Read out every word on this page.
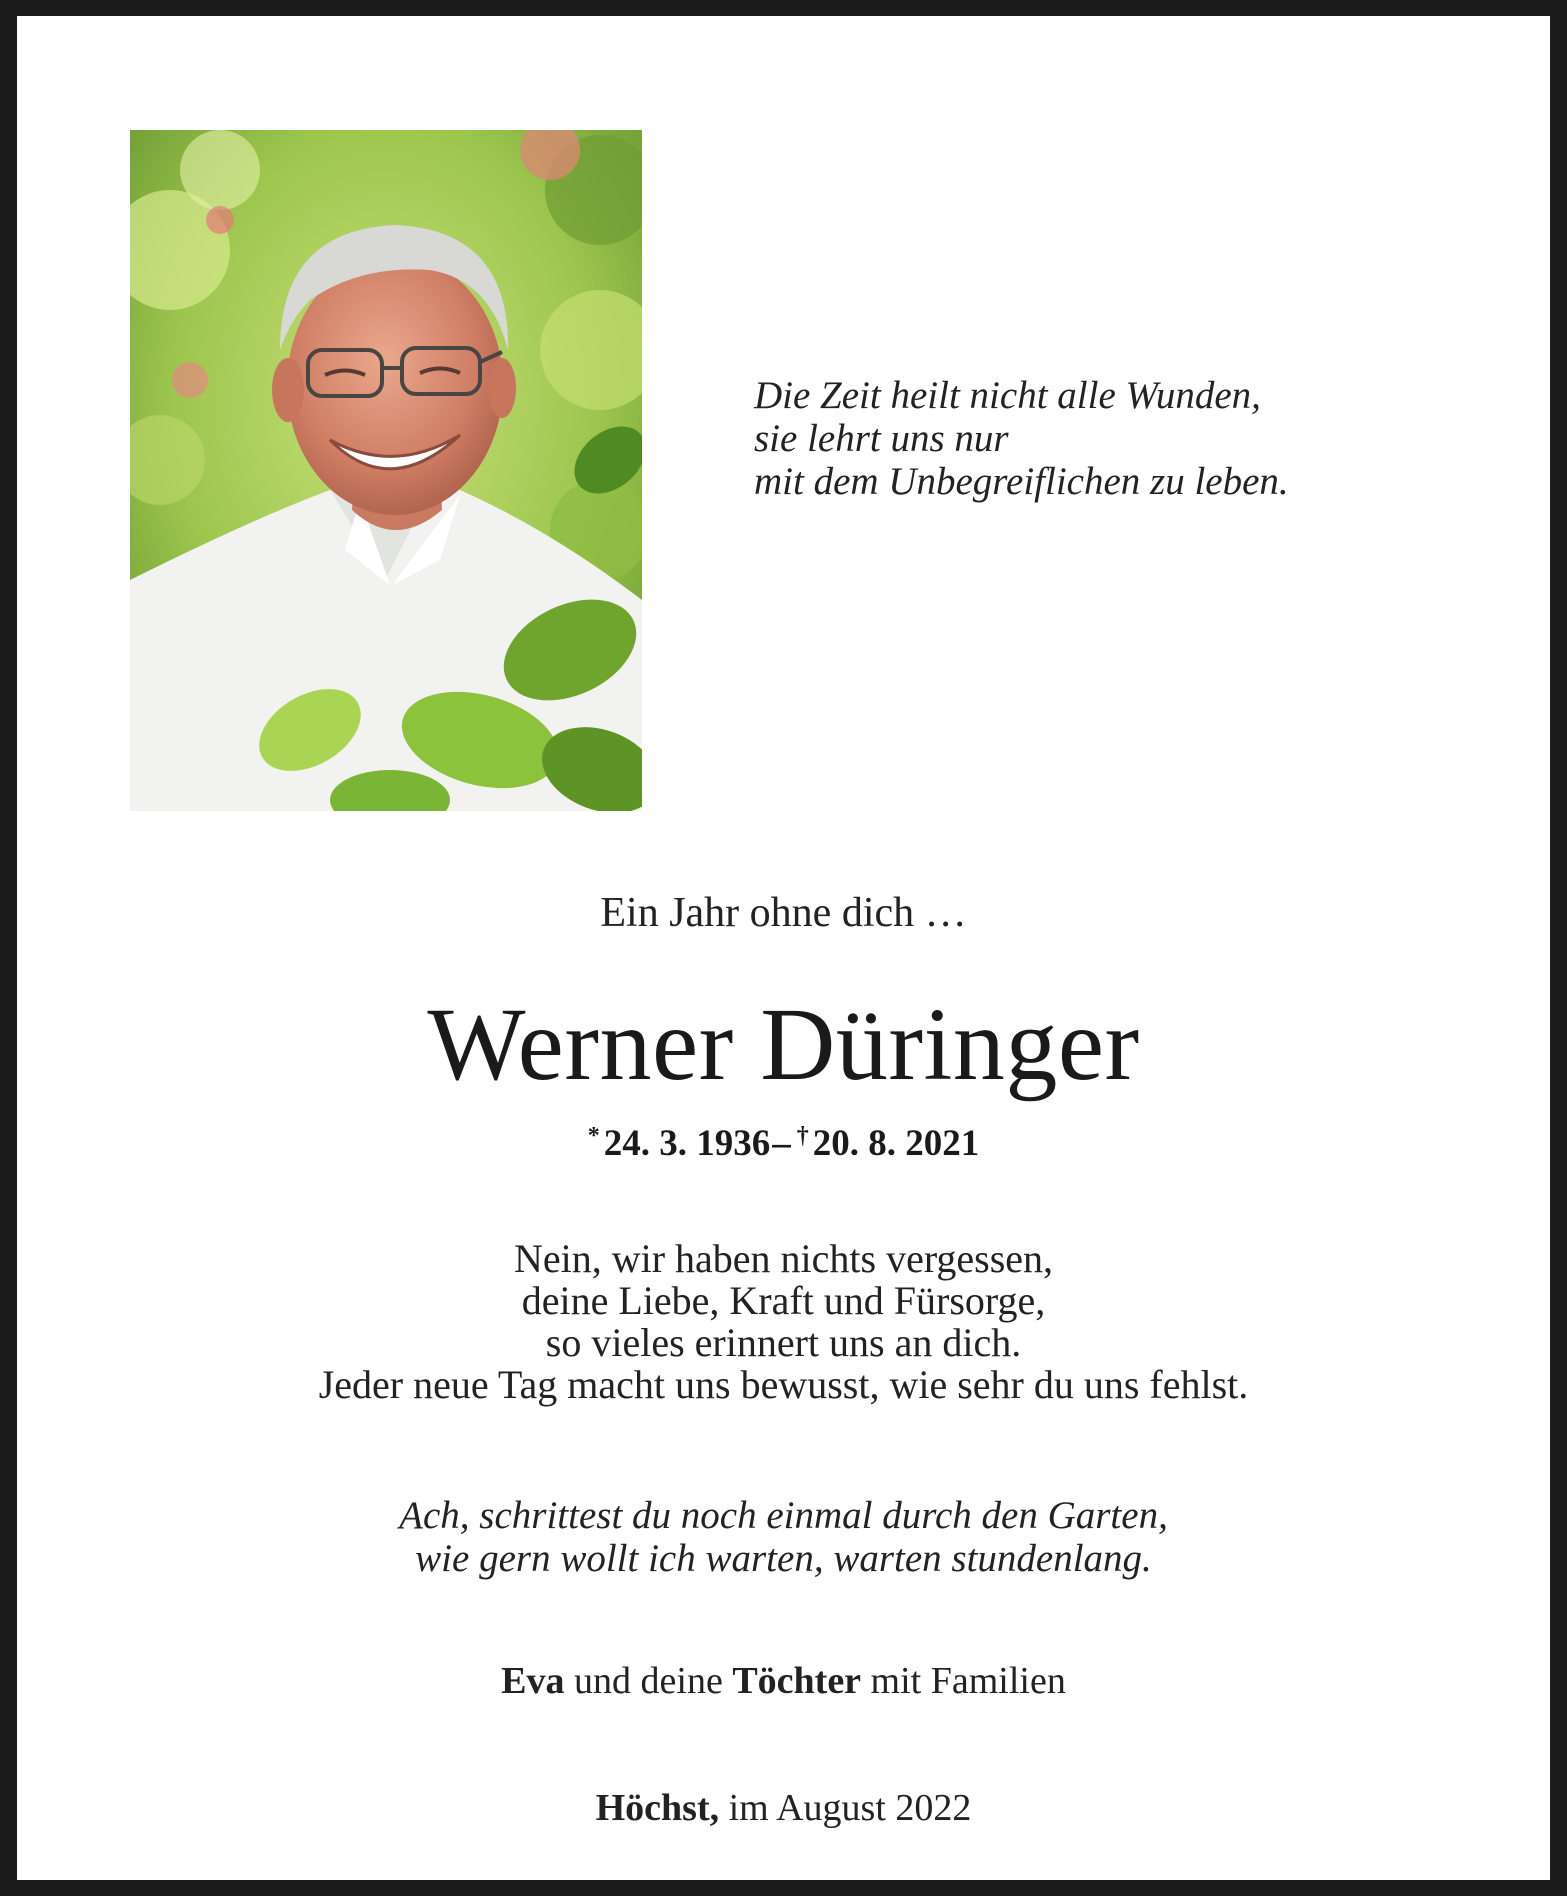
Die Zeit heilt nicht alle Wunden,
sie lehrt uns nur
mit dem Unbegreiflichen zu leben.
Ein Jahr ohne dich …
Werner Düringer
* 24. 3. 1936– † 20. 8. 2021
Nein, wir haben nichts vergessen,
deine Liebe, Kraft und Fürsorge,
so vieles erinnert uns an dich.
Jeder neue Tag macht uns bewusst, wie sehr du uns fehlst.
Ach, schrittest du noch einmal durch den Garten,
wie gern wollt ich warten, warten stundenlang.
Eva und deine Töchter mit Familien
Höchst, im August 2022
